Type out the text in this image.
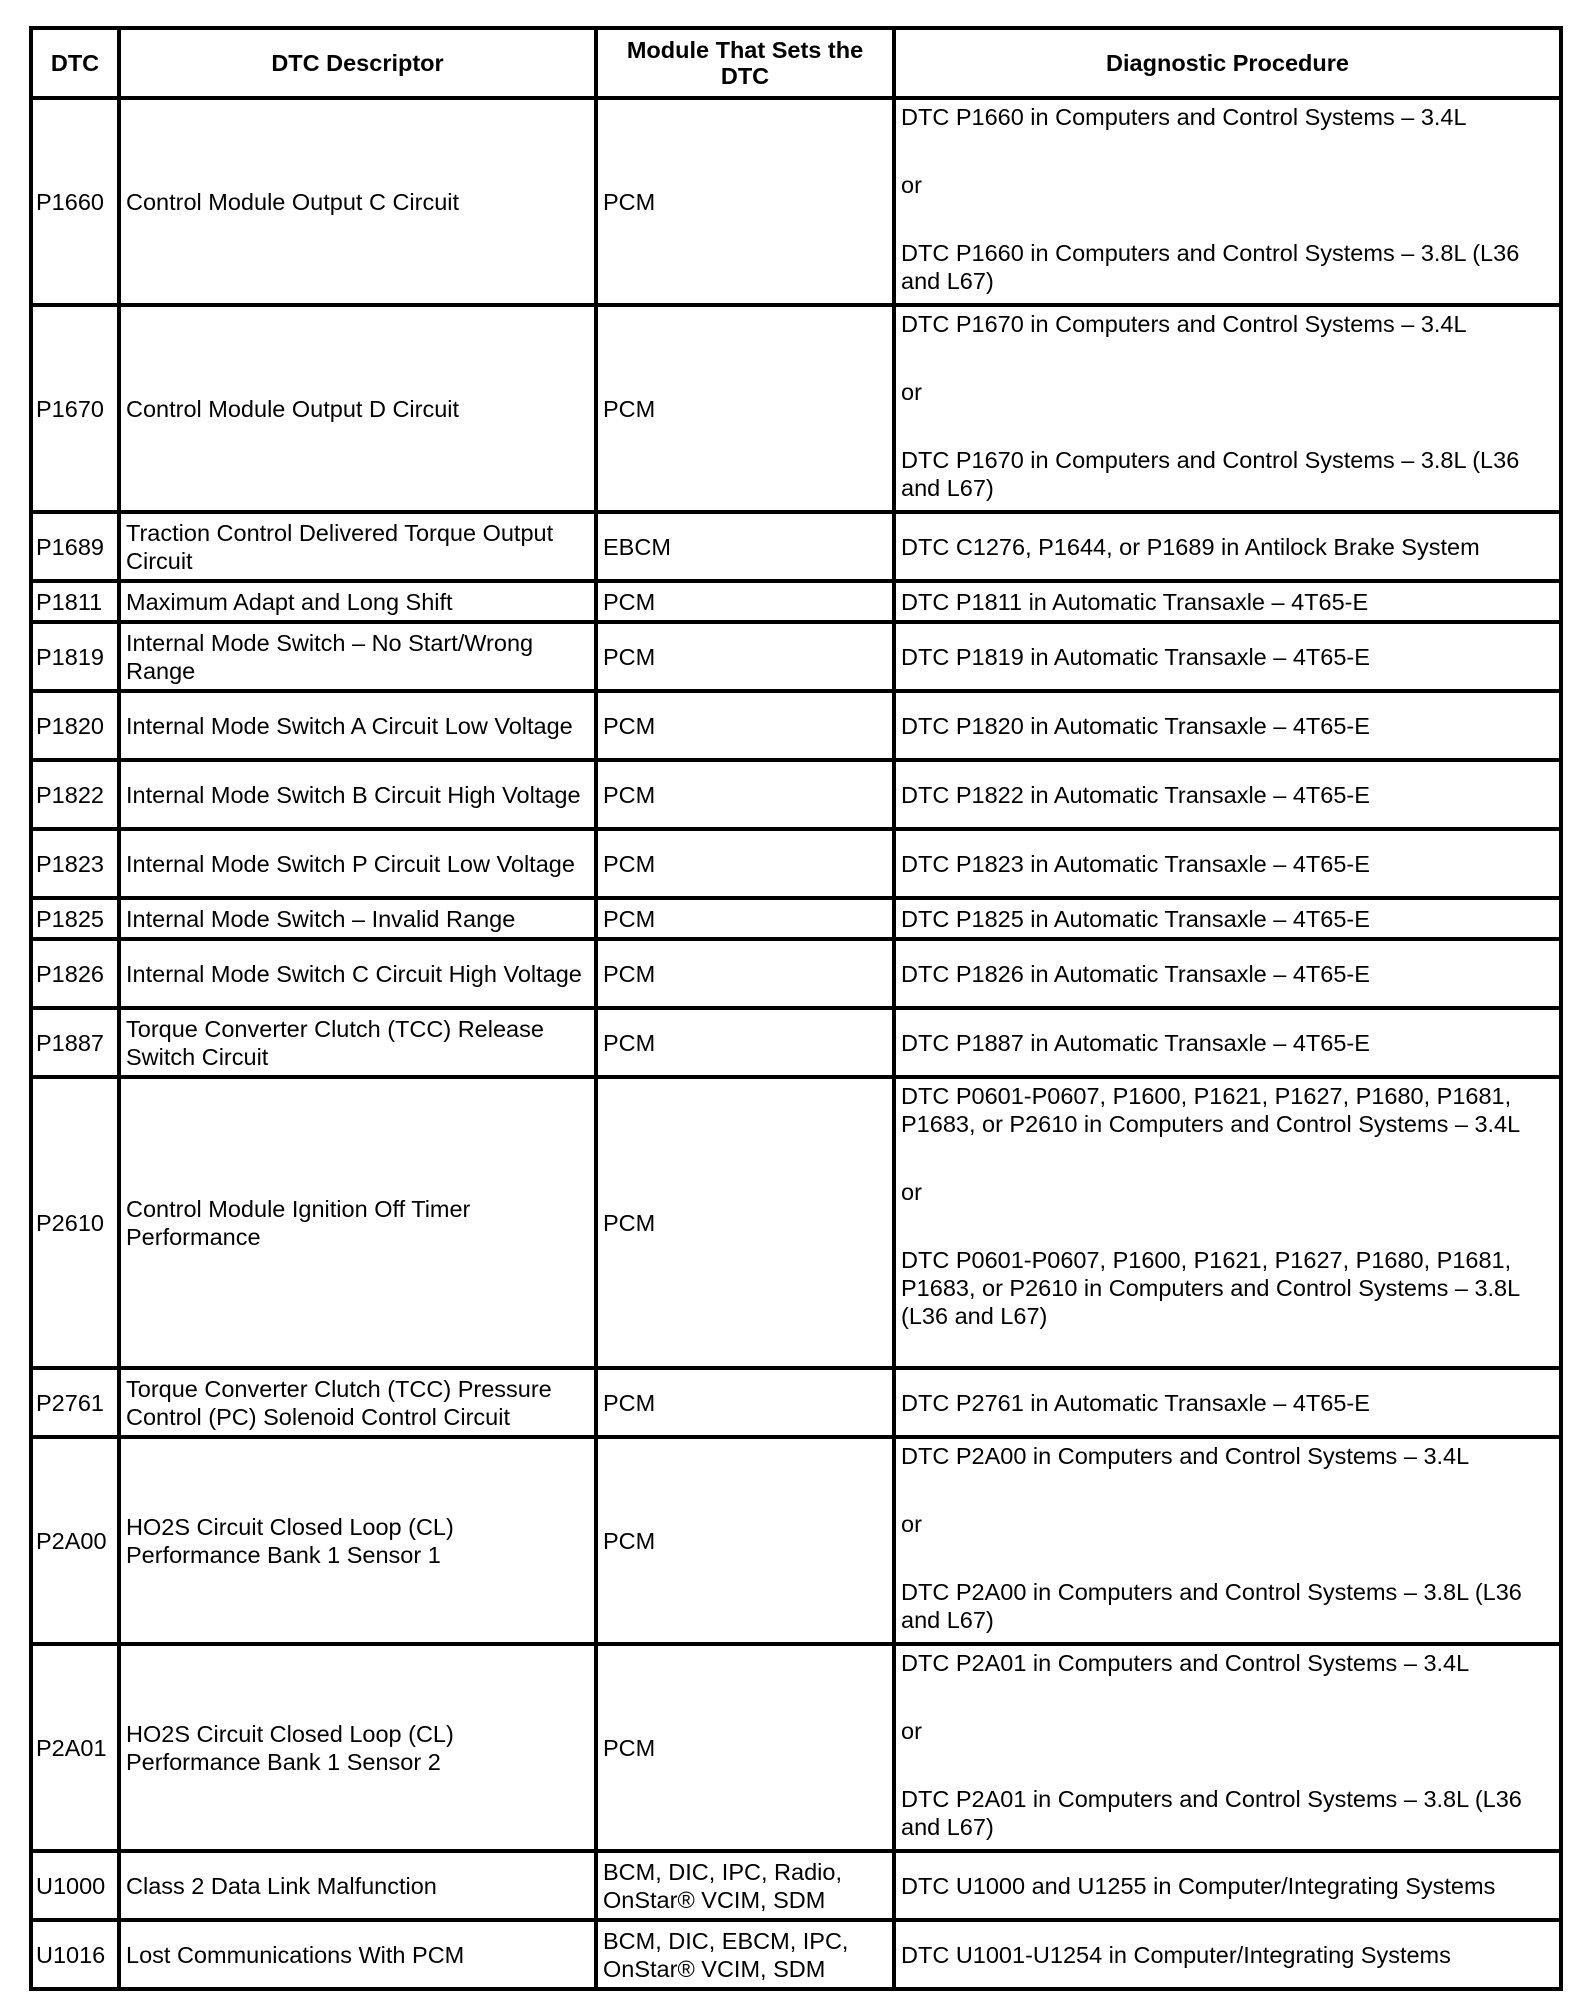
DTC	DTC Descriptor	Module That Sets the DTC	Diagnostic Procedure
P1660	Control Module Output C Circuit	PCM	DTC P1660 in Computers and Control Systems – 3.4L
or
DTC P1660 in Computers and Control Systems – 3.8L (L36 and L67)

P1670	Control Module Output D Circuit	PCM	DTC P1670 in Computers and Control Systems – 3.4L
or
DTC P1670 in Computers and Control Systems – 3.8L (L36 and L67)

P1689	Traction Control Delivered Torque Output Circuit	EBCM	DTC C1276, P1644, or P1689 in Antilock Brake System

P1811	Maximum Adapt and Long Shift	PCM	DTC P1811 in Automatic Transaxle – 4T65-E

P1819	Internal Mode Switch – No Start/Wrong Range	PCM	DTC P1819 in Automatic Transaxle – 4T65-E

P1820	Internal Mode Switch A Circuit Low Voltage	PCM	DTC P1820 in Automatic Transaxle – 4T65-E

P1822	Internal Mode Switch B Circuit High Voltage	PCM	DTC P1822 in Automatic Transaxle – 4T65-E

P1823	Internal Mode Switch P Circuit Low Voltage	PCM	DTC P1823 in Automatic Transaxle – 4T65-E

P1825	Internal Mode Switch – Invalid Range	PCM	DTC P1825 in Automatic Transaxle – 4T65-E

P1826	Internal Mode Switch C Circuit High Voltage	PCM	DTC P1826 in Automatic Transaxle – 4T65-E

P1887	Torque Converter Clutch (TCC) Release Switch Circuit	PCM	DTC P1887 in Automatic Transaxle – 4T65-E

P2610	Control Module Ignition Off Timer Performance	PCM	DTC P0601-P0607, P1600, P1621, P1627, P1680, P1681, P1683, or P2610 in Computers and Control Systems – 3.4L
or
DTC P0601-P0607, P1600, P1621, P1627, P1680, P1681, P1683, or P2610 in Computers and Control Systems – 3.8L (L36 and L67)

P2761	Torque Converter Clutch (TCC) Pressure Control (PC) Solenoid Control Circuit	PCM	DTC P2761 in Automatic Transaxle – 4T65-E

P2A00	HO2S Circuit Closed Loop (CL) Performance Bank 1 Sensor 1	PCM	DTC P2A00 in Computers and Control Systems – 3.4L
or
DTC P2A00 in Computers and Control Systems – 3.8L (L36 and L67)

P2A01	HO2S Circuit Closed Loop (CL) Performance Bank 1 Sensor 2	PCM	DTC P2A01 in Computers and Control Systems – 3.4L
or
DTC P2A01 in Computers and Control Systems – 3.8L (L36 and L67)

U1000	Class 2 Data Link Malfunction	BCM, DIC, IPC, Radio, OnStar® VCIM, SDM	DTC U1000 and U1255 in Computer/Integrating Systems

U1016	Lost Communications With PCM	BCM, DIC, EBCM, IPC, OnStar® VCIM, SDM	DTC U1001-U1254 in Computer/Integrating Systems
